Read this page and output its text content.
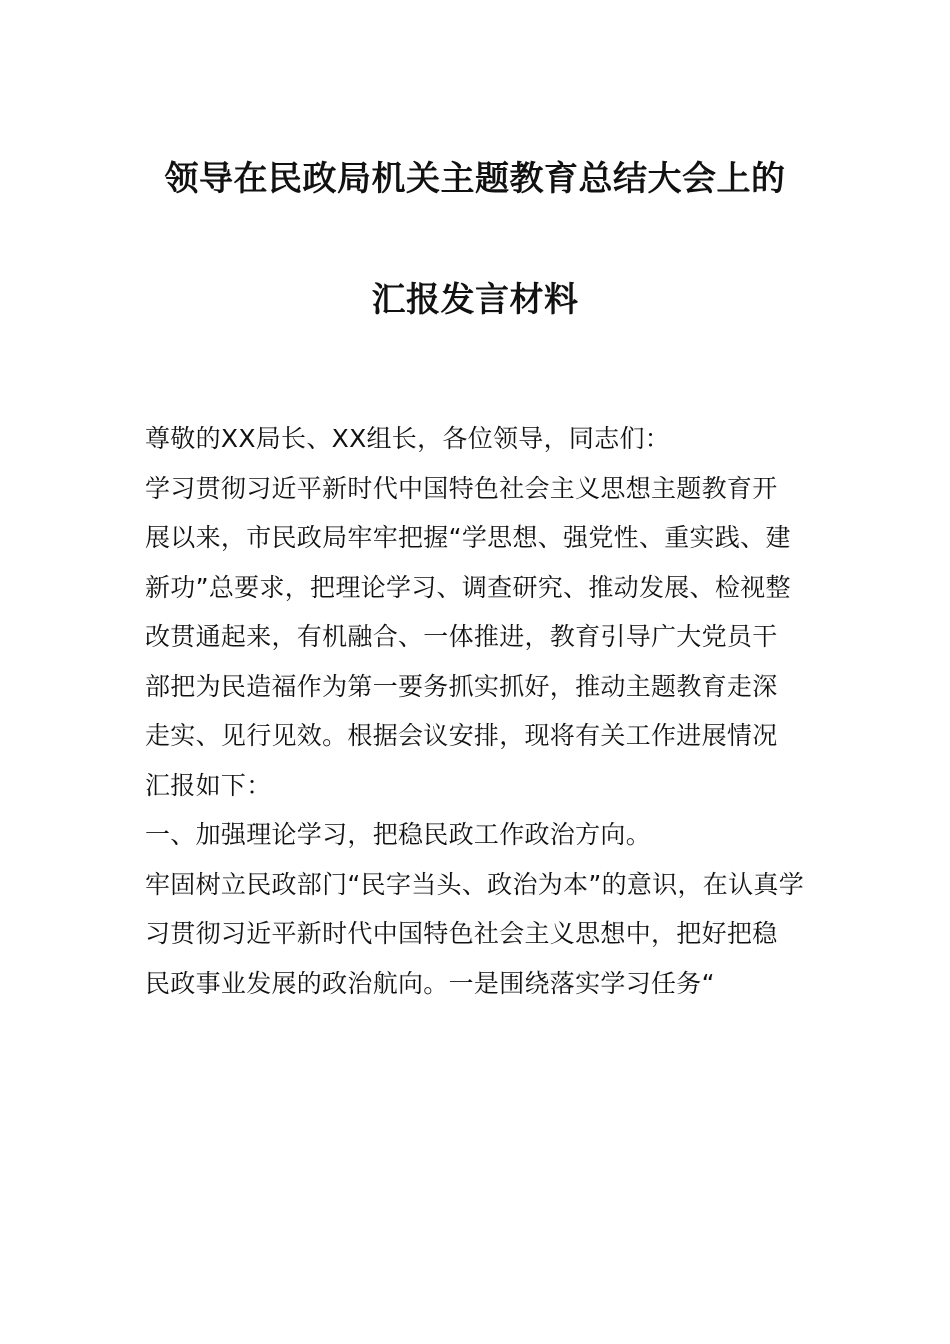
领导在民政局机关主题教育总结大会上的
汇报发言材料
尊敬的XX局长、XX组长，各位领导，同志们：
学习贯彻习近平新时代中国特色社会主义思想主题教育开
展以来，市民政局牢牢把握“学思想、强党性、重实践、建
新功”总要求，把理论学习、调查研究、推动发展、检视整
改贯通起来，有机融合、一体推进，教育引导广大党员干
部把为民造福作为第一要务抓实抓好，推动主题教育走深
走实、见行见效。根据会议安排，现将有关工作进展情况
汇报如下：
一、加强理论学习，把稳民政工作政治方向。
牢固树立民政部门“民字当头、政治为本”的意识，在认真学
习贯彻习近平新时代中国特色社会主义思想中，把好把稳
民政事业发展的政治航向。一是围绕落实学习任务“
